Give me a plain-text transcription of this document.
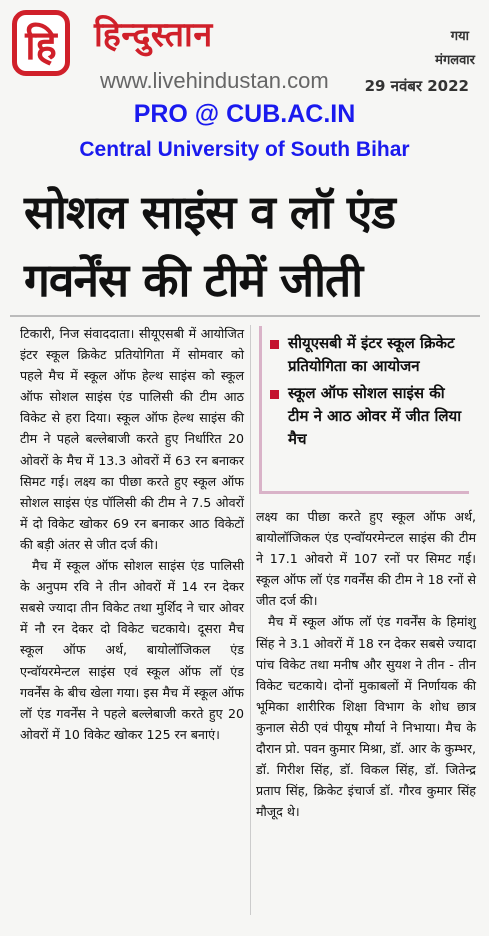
हि	हिन्दुस्तान
www.livehindustan.com
गया
मंगलवार
29 नवंबर 2022
PRO @ CUB.AC.IN
Central University of South Bihar
सोशल साइंस व लॉ एंड गवर्नेंस की टीमें जीती

टिकारी, निज संवाददाता। सीयूएसबी में आयोजित इंटर स्कूल क्रिकेट प्रतियोगिता में सोमवार को पहले मैच में स्कूल ऑफ हेल्थ साइंस को स्कूल ऑफ सोशल साइंस एंड पालिसी की टीम आठ विकेट से हरा दिया। स्कूल ऑफ हेल्थ साइंस की टीम ने पहले बल्लेबाजी करते हुए निर्धारित 20 ओवरों के मैच में 13.3 ओवरों में 63 रन बनाकर सिमट गई। लक्ष्य का पीछा करते हुए स्कूल ऑफ सोशल साइंस एंड पॉलिसी की टीम ने 7.5 ओवरों में दो विकेट खोकर 69 रन बनाकर आठ विकेटों की बड़ी अंतर से जीत दर्ज की।

मैच में स्कूल ऑफ सोशल साइंस एंड पालिसी के अनुपम रवि ने तीन ओवरों में 14 रन देकर सबसे ज्यादा तीन विकेट तथा मुर्शिद ने चार ओवर में नौ रन देकर दो विकेट चटकाये। दूसरा मैच स्कूल ऑफ अर्थ, बायोलॉजिकल एंड एन्वॉयरमेन्टल साइंस एवं स्कूल ऑफ लॉ एंड गवर्नेंस के बीच खेला गया। इस मैच में स्कूल ऑफ लॉ एंड गवर्नेंस ने पहले बल्लेबाजी करते हुए 20 ओवरों में 10 विकेट खोकर 125 रन बनाएं।

सीयूएसबी में इंटर स्कूल क्रिकेट प्रतियोगिता का आयोजन
स्कूल ऑफ सोशल साइंस की टीम ने आठ ओवर में जीत लिया मैच

लक्ष्य का पीछा करते हुए स्कूल ऑफ अर्थ, बायोलॉजिकल एंड एन्वॉयरमेन्टल साइंस की टीम ने 17.1 ओवरो में 107 रनों पर सिमट गई। स्कूल ऑफ लॉ एंड गवर्नेंस की टीम ने 18 रनों से जीत दर्ज की।

मैच में स्कूल ऑफ लॉ एंड गवर्नेंस के हिमांशु सिंह ने 3.1 ओवरों में 18 रन देकर सबसे ज्यादा पांच विकेट तथा मनीष और सुयश ने तीन - तीन विकेट चटकाये। दोनों मुकाबलों में निर्णायक की भूमिका शारीरिक शिक्षा विभाग के शोध छात्र कुनाल सेठी एवं पीयूष मौर्या ने निभाया। मैच के दौरान प्रो. पवन कुमार मिश्रा, डॉ. आर के कुम्भर, डॉ. गिरीश सिंह, डॉ. विकल सिंह, डॉ. जितेन्द्र प्रताप सिंह, क्रिकेट इंचार्ज डॉ. गौरव कुमार सिंह मौजूद थे।
